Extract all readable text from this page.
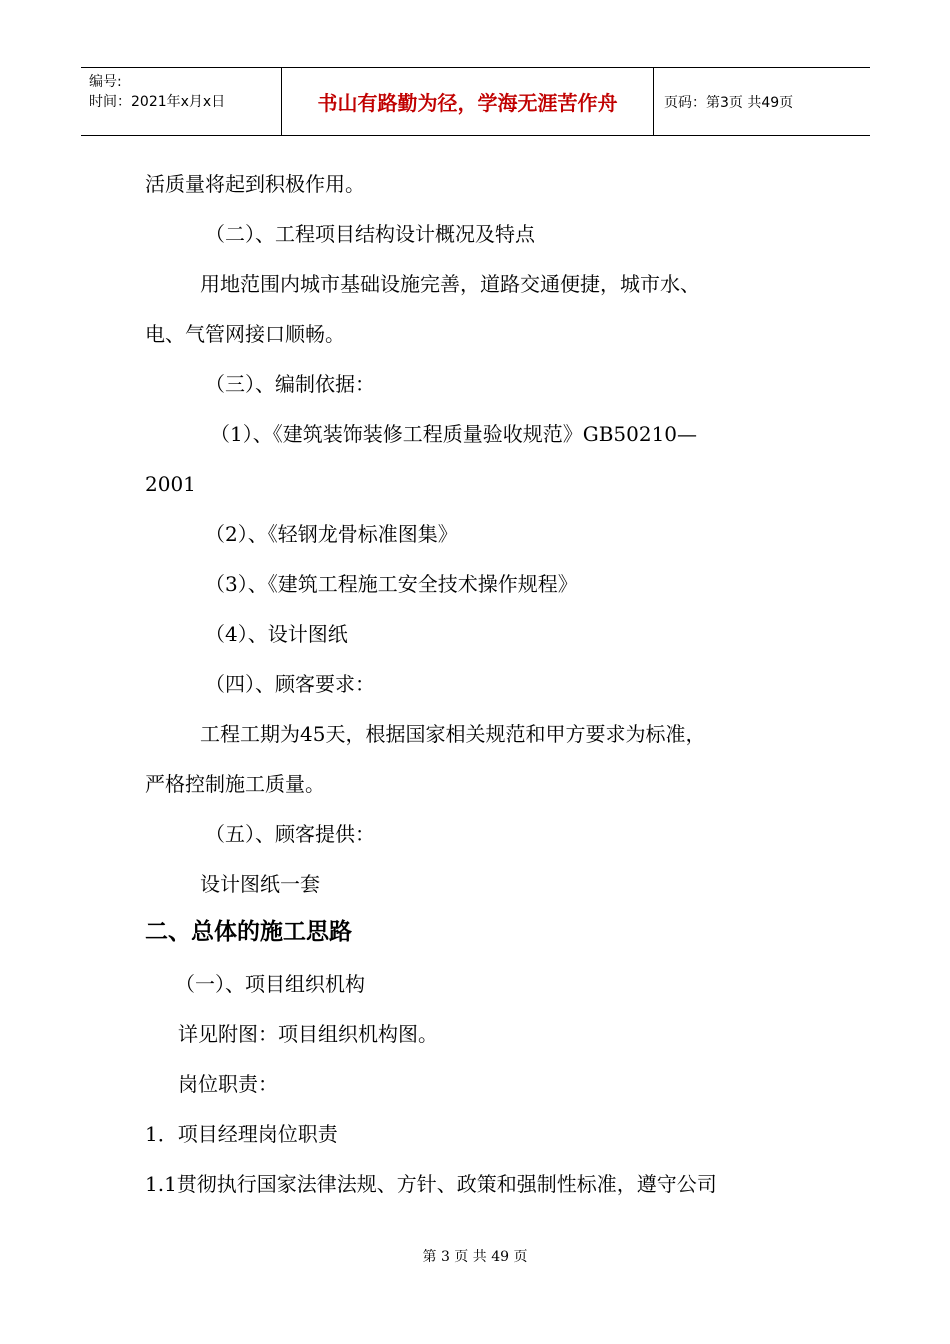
编号:
时间：2021年x月x日	书山有路勤为径，学海无涯苦作舟	页码：第3页 共49页
活质量将起到积极作用。
（二）、工程项目结构设计概况及特点
用地范围内城市基础设施完善，道路交通便捷，城市水、
电、气管网接口顺畅。
（三）、编制依据：
（1）、《建筑装饰装修工程质量验收规范》GB50210—
2001
（2）、《轻钢龙骨标准图集》
（3）、《建筑工程施工安全技术操作规程》
（4）、设计图纸
（四）、顾客要求：
工程工期为45天，根据国家相关规范和甲方要求为标准，
严格控制施工质量。
（五）、顾客提供：
设计图纸一套
二、总体的施工思路
（一）、项目组织机构
详见附图：项目组织机构图。
岗位职责：
1．项目经理岗位职责
1.1贯彻执行国家法律法规、方针、政策和强制性标准，遵守公司
第 3 页 共 49 页
